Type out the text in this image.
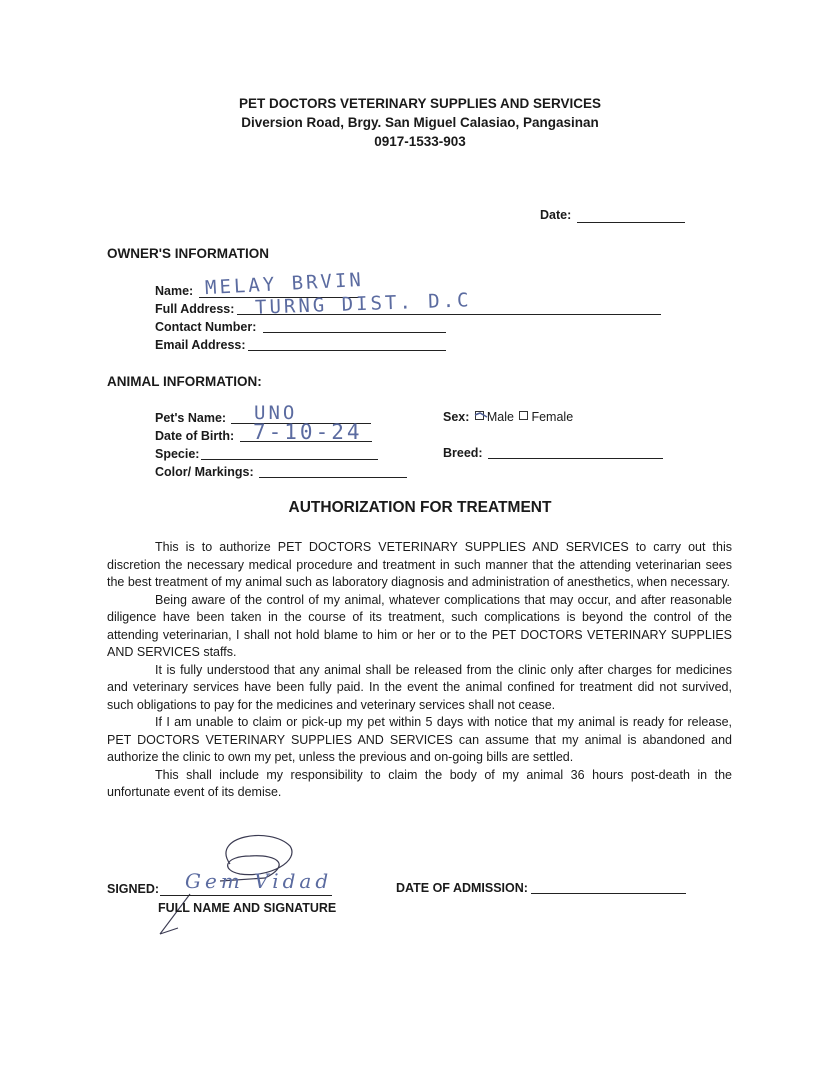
PET DOCTORS VETERINARY SUPPLIES AND SERVICES
Diversion Road, Brgy. San Miguel Calasiao, Pangasinan
0917-1533-903
Date:
OWNER'S INFORMATION
Name: MELAY BRVIN
Full Address: TURNG DIST. D.C
Contact Number:
Email Address:
ANIMAL INFORMATION:
Pet's Name: UNO
Date of Birth: 7-10-24
Specie:
Color/ Markings:
Sex: Male Female
Breed:
AUTHORIZATION FOR TREATMENT

This is to authorize PET DOCTORS VETERINARY SUPPLIES AND SERVICES to carry out this discretion the necessary medical procedure and treatment in such manner that the attending veterinarian sees the best treatment of my animal such as laboratory diagnosis and administration of anesthetics, when necessary.

Being aware of the control of my animal, whatever complications that may occur, and after reasonable diligence have been taken in the course of its treatment, such complications is beyond the control of the attending veterinarian, I shall not hold blame to him or her or to the PET DOCTORS VETERINARY SUPPLIES AND SERVICES staffs.

It is fully understood that any animal shall be released from the clinic only after charges for medicines and veterinary services have been fully paid. In the event the animal confined for treatment did not survived, such obligations to pay for the medicines and veterinary services shall not cease.

If I am unable to claim or pick-up my pet within 5 days with notice that my animal is ready for release, PET DOCTORS VETERINARY SUPPLIES AND SERVICES can assume that my animal is abandoned and authorize the clinic to own my pet, unless the previous and on-going bills are settled.

This shall include my responsibility to claim the body of my animal 36 hours post-death in the unfortunate event of its demise.

SIGNED: Gem Vidad
FULL NAME AND SIGNATURE
DATE OF ADMISSION:
